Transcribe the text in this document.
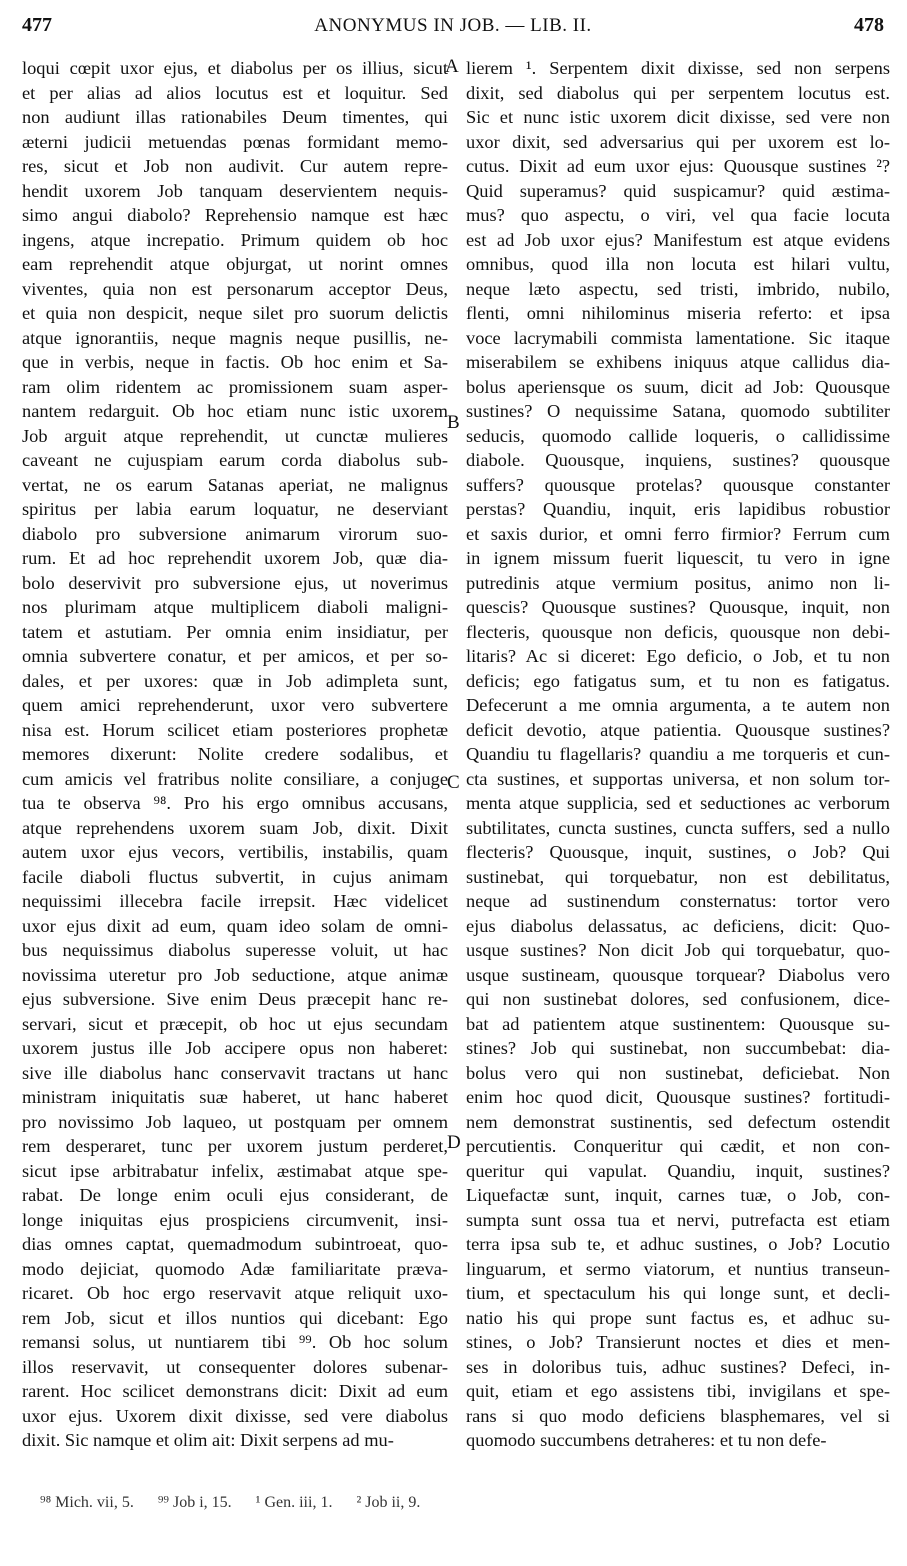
477	ANONYMUS IN JOB. — LIB. II.	478
loqui cœpit uxor ejus, et diabolus per os illius, sicut
et per alias ad alios locutus est et loquitur. Sed
non audiunt illas rationabiles Deum timentes, qui
æterni judicii metuendas pœnas formidant memo-
res, sicut et Job non audivit. Cur autem repre-
hendit uxorem Job tanquam deservientem nequis-
simo angui diabolo? Reprehensio namque est hæc
ingens, atque increpatio. Primum quidem ob hoc
eam reprehendit atque objurgat, ut norint omnes
viventes, quia non est personarum acceptor Deus,
et quia non despicit, neque silet pro suorum delictis
atque ignorantiis, neque magnis neque pusillis, ne-
que in verbis, neque in factis. Ob hoc enim et Sa-
ram olim ridentem ac promissionem suam asper-
nantem redarguit. Ob hoc etiam nunc istic uxorem
Job arguit atque reprehendit, ut cunctæ mulieres
caveant ne cujuspiam earum corda diabolus sub-
vertat, ne os earum Satanas aperiat, ne malignus
spiritus per labia earum loquatur, ne deserviant
diabolo pro subversione animarum virorum suo-
rum. Et ad hoc reprehendit uxorem Job, quæ dia-
bolo deservivit pro subversione ejus, ut noverimus
nos plurimam atque multiplicem diaboli maligni-
tatem et astutiam. Per omnia enim insidiatur, per
omnia subvertere conatur, et per amicos, et per so-
dales, et per uxores: quæ in Job adimpleta sunt,
quem amici reprehenderunt, uxor vero subvertere
nisa est. Horum scilicet etiam posteriores prophetæ
memores dixerunt: Nolite credere sodalibus, et
cum amicis vel fratribus nolite consiliare, a conjuge
tua te observa ⁹⁸. Pro his ergo omnibus accusans,
atque reprehendens uxorem suam Job, dixit. Dixit
autem uxor ejus vecors, vertibilis, instabilis, quam
facile diaboli fluctus subvertit, in cujus animam
nequissimi illecebra facile irrepsit. Hæc videlicet
uxor ejus dixit ad eum, quam ideo solam de omni-
bus nequissimus diabolus superesse voluit, ut hac
novissima uteretur pro Job seductione, atque animæ
ejus subversione. Sive enim Deus præcepit hanc re-
servari, sicut et præcepit, ob hoc ut ejus secundam
uxorem justus ille Job accipere opus non haberet:
sive ille diabolus hanc conservavit tractans ut hanc
ministram iniquitatis suæ haberet, ut hanc haberet
pro novissimo Job laqueo, ut postquam per omnem
rem desperaret, tunc per uxorem justum perderet,
sicut ipse arbitrabatur infelix, æstimabat atque spe-
rabat. De longe enim oculi ejus considerant, de
longe iniquitas ejus prospiciens circumvenit, insi-
dias omnes captat, quemadmodum subintroeat, quo-
modo dejiciat, quomodo Adæ familiaritate præva-
ricaret. Ob hoc ergo reservavit atque reliquit uxo-
rem Job, sicut et illos nuntios qui dicebant: Ego
remansi solus, ut nuntiarem tibi ⁹⁹. Ob hoc solum
illos reservavit, ut consequenter dolores subenar-
rarent. Hoc scilicet demonstrans dicit: Dixit ad eum
uxor ejus. Uxorem dixit dixisse, sed vere diabolus
dixit. Sic namque et olim ait: Dixit serpens ad mu-
lierem ¹. Serpentem dixit dixisse, sed non serpens
dixit, sed diabolus qui per serpentem locutus est.
Sic et nunc istic uxorem dicit dixisse, sed vere non
uxor dixit, sed adversarius qui per uxorem est lo-
cutus. Dixit ad eum uxor ejus: Quousque sustines ²?
Quid superamus? quid suspicamur? quid æstima-
mus? quo aspectu, o viri, vel qua facie locuta
est ad Job uxor ejus? Manifestum est atque evidens
omnibus, quod illa non locuta est hilari vultu,
neque læto aspectu, sed tristi, imbrido, nubilo,
flenti, omni nihilominus miseria referto: et ipsa
voce lacrymabili commista lamentatione. Sic itaque
miserabilem se exhibens iniquus atque callidus dia-
bolus aperiensque os suum, dicit ad Job: Quousque
sustines? O nequissime Satana, quomodo subtiliter
seducis, quomodo callide loqueris, o callidissime
diabole. Quousque, inquiens, sustines? quousque
suffers? quousque protelas? quousque constanter
perstas? Quandiu, inquit, eris lapidibus robustior
et saxis durior, et omni ferro firmior? Ferrum cum
in ignem missum fuerit liquescit, tu vero in igne
putredinis atque vermium positus, animo non li-
quescis? Quousque sustines? Quousque, inquit, non
flecteris, quousque non deficis, quousque non debi-
litaris? Ac si diceret: Ego deficio, o Job, et tu non
deficis; ego fatigatus sum, et tu non es fatigatus.
Defecerunt a me omnia argumenta, a te autem non
deficit devotio, atque patientia. Quousque sustines?
Quandiu tu flagellaris? quandiu a me torqueris et cun-
cta sustines, et supportas universa, et non solum tor-
menta atque supplicia, sed et seductiones ac verborum
subtilitates, cuncta sustines, cuncta suffers, sed a nullo
flecteris? Quousque, inquit, sustines, o Job? Qui
sustinebat, qui torquebatur, non est debilitatus,
neque ad sustinendum consternatus: tortor vero
ejus diabolus delassatus, ac deficiens, dicit: Quo-
usque sustines? Non dicit Job qui torquebatur, quo-
usque sustineam, quousque torquear? Diabolus vero
qui non sustinebat dolores, sed confusionem, dice-
bat ad patientem atque sustinentem: Quousque su-
stines? Job qui sustinebat, non succumbebat: dia-
bolus vero qui non sustinebat, deficiebat. Non
enim hoc quod dicit, Quousque sustines? fortitudi-
nem demonstrat sustinentis, sed defectum ostendit
percutientis. Conqueritur qui cædit, et non con-
queritur qui vapulat. Quandiu, inquit, sustines?
Liquefactæ sunt, inquit, carnes tuæ, o Job, con-
sumpta sunt ossa tua et nervi, putrefacta est etiam
terra ipsa sub te, et adhuc sustines, o Job? Locutio
linguarum, et sermo viatorum, et nuntius transeun-
tium, et spectaculum his qui longe sunt, et decli-
natio his qui prope sunt factus es, et adhuc su-
stines, o Job? Transierunt noctes et dies et men-
ses in doloribus tuis, adhuc sustines? Defeci, in-
quit, etiam et ego assistens tibi, invigilans et spe-
rans si quo modo deficiens blasphemares, vel si
quomodo succumbens detraheres: et tu non defe-
A
B
C
D
⁹⁸ Mich. vii, 5. ⁹⁹ Job i, 15. ¹ Gen. iii, 1. ² Job ii, 9.
